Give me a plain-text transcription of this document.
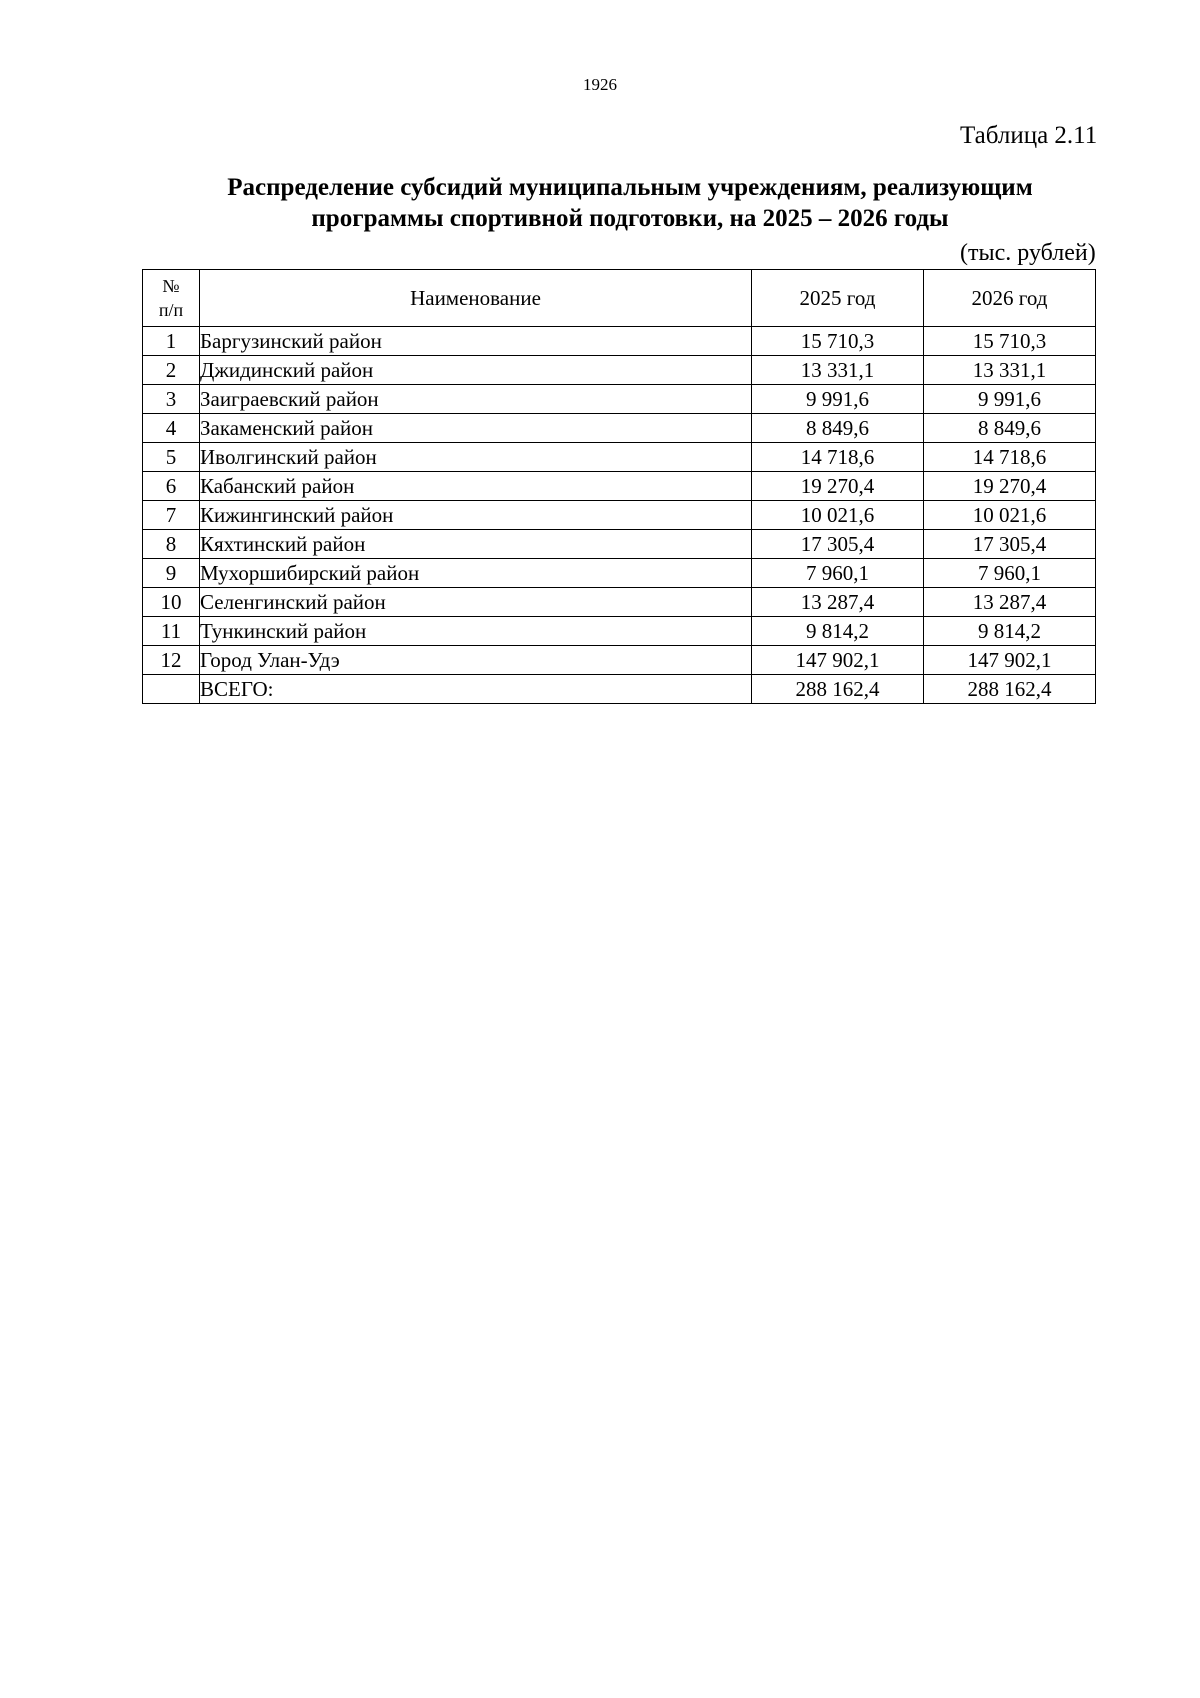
1926
Таблица 2.11
Распределение субсидий муниципальным учреждениям, реализующим
программы спортивной подготовки, на 2025 – 2026 годы
(тыс. рублей)
№
п/п	Наименование	2025 год	2026 год
1	Баргузинский район	15 710,3	15 710,3
2	Джидинский район	13 331,1	13 331,1
3	Заиграевский район	9 991,6	9 991,6
4	Закаменский район	8 849,6	8 849,6
5	Иволгинский район	14 718,6	14 718,6
6	Кабанский район	19 270,4	19 270,4
7	Кижингинский район	10 021,6	10 021,6
8	Кяхтинский район	17 305,4	17 305,4
9	Мухоршибирский район	7 960,1	7 960,1
10	Селенгинский район	13 287,4	13 287,4
11	Тункинский район	9 814,2	9 814,2
12	Город Улан-Удэ	147 902,1	147 902,1
	ВСЕГО:	288 162,4	288 162,4
